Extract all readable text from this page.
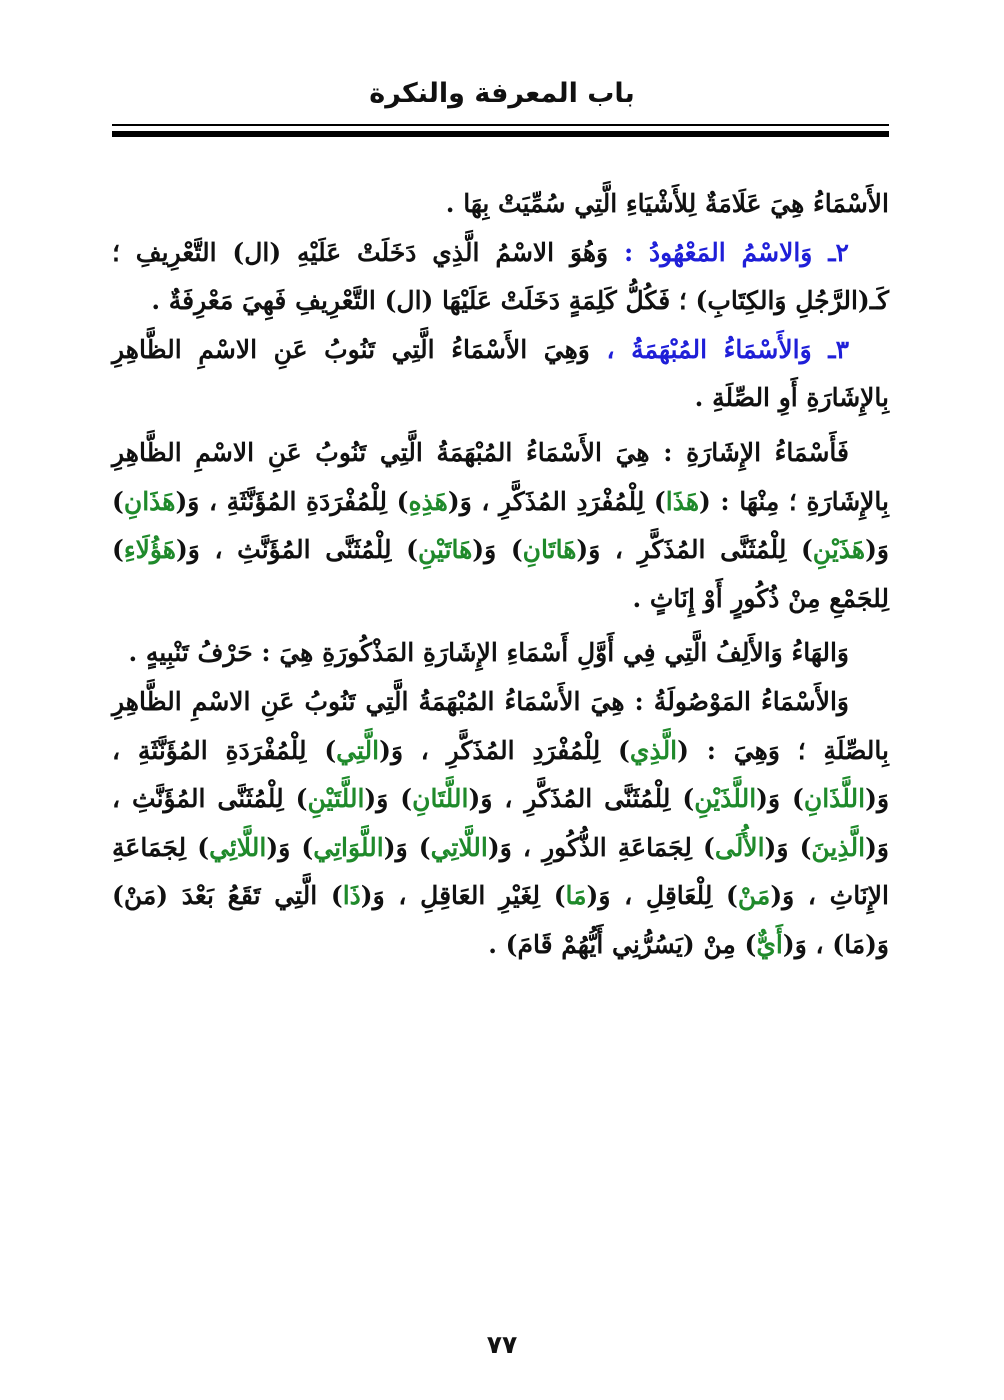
باب المعرفة والنكرة

الأَسْمَاءُ هِيَ عَلَامَةٌ لِلأَشْيَاءِ الَّتِي سُمِّيَتْ بِهَا .

٢ـ وَالاسْمُ المَعْهُودُ : وَهُوَ الاسْمُ الَّذِي دَخَلَتْ عَلَيْهِ (ال) التَّعْرِيفِ ؛ كَـ(الرَّجُلِ وَالكِتَابِ) ؛ فَكُلُّ كَلِمَةٍ دَخَلَتْ عَلَيْهَا (ال) التَّعْرِيفِ فَهِيَ مَعْرِفَةٌ .

٣ـ وَالأَسْمَاءُ المُبْهَمَةُ ، وَهِيَ الأَسْمَاءُ الَّتِي تَنُوبُ عَنِ الاسْمِ الظَّاهِرِ بِالإِشَارَةِ أَوِ الصِّلَةِ .

فَأَسْمَاءُ الإِشَارَةِ : هِيَ الأَسْمَاءُ المُبْهَمَةُ الَّتِي تَنُوبُ عَنِ الاسْمِ الظَّاهِرِ بِالإِشَارَةِ ؛ مِنْهَا : (هَذَا) لِلْمُفْرَدِ المُذَكَّرِ ، وَ(هَذِهِ) لِلْمُفْرَدَةِ المُؤَنَّثَةِ ، وَ(هَذَانِ) وَ(هَذَيْنِ) لِلْمُثَنَّى المُذَكَّرِ ، وَ(هَاتَانِ) وَ(هَاتَيْنِ) لِلْمُثَنَّى المُؤَنَّثِ ، وَ(هَؤُلَاءِ) لِلجَمْعِ مِنْ ذُكُورٍ أَوْ إِنَاثٍ .

وَالهَاءُ وَالأَلِفُ الَّتِي فِي أَوَّلِ أَسْمَاءِ الإِشَارَةِ المَذْكُورَةِ هِيَ : حَرْفُ تَنْبِيهٍ .

وَالأَسْمَاءُ المَوْصُولَةُ : هِيَ الأَسْمَاءُ المُبْهَمَةُ الَّتِي تَنُوبُ عَنِ الاسْمِ الظَّاهِرِ بِالصِّلَةِ ؛ وَهِيَ : (الَّذِي) لِلْمُفْرَدِ المُذَكَّرِ ، وَ(الَّتِي) لِلْمُفْرَدَةِ المُؤَنَّثَةِ ، وَ(اللَّذَانِ) وَ(اللَّذَيْنِ) لِلْمُثَنَّى المُذَكَّرِ ، وَ(اللَّتَانِ) وَ(اللَّتَيْنِ) لِلْمُثَنَّى المُؤَنَّثِ ، وَ(الَّذِينَ) وَ(الأُلَى) لِجَمَاعَةِ الذُّكُورِ ، وَ(اللَّاتِي) وَ(اللَّوَاتِي) وَ(اللَّائِي) لِجَمَاعَةِ الإِنَاثِ ، وَ(مَنْ) لِلْعَاقِلِ ، وَ(مَا) لِغَيْرِ العَاقِلِ ، وَ(ذَا) الَّتِي تَقَعُ بَعْدَ (مَنْ) وَ(مَا) ، وَ(أَيٌّ) مِنْ (يَسُرُّنِي أَيُّهُمْ قَامَ) .

٧٧
